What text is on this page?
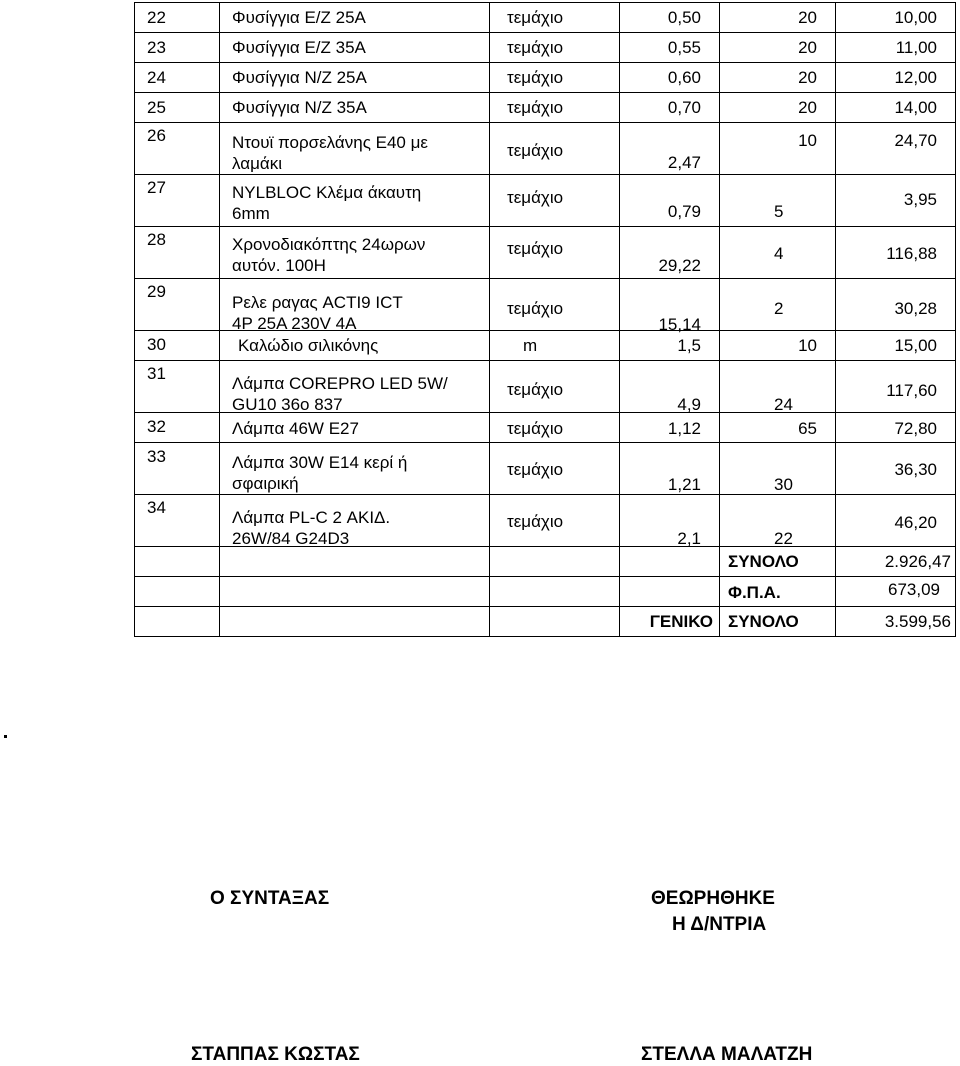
22	Φυσίγγια Ε/Ζ 25Α	τεμάχιο	0,50	20	10,00

23	Φυσίγγια Ε/Ζ 35Α	τεμάχιο	0,55	20	11,00

24	Φυσίγγια Ν/Ζ 25Α	τεμάχιο	0,60	20	12,00

25	Φυσίγγια Ν/Ζ 35Α	τεμάχιο	0,70	20	14,00

26	Ντουϊ πορσελάνης Ε40 με
λαμάκι	τεμάχιο	2,47	10	24,70

27	NYLBLOC Κλέμα άκαυτη
6mm	τεμάχιο	0,79	5	3,95

28	Χρονοδιακόπτης 24ωρων
αυτόν. 100Η	τεμάχιο	29,22	4	116,88

29	Ρελε ραγας ACTI9 ICT
4P 25A 230V 4A	τεμάχιο	15,14	2	30,28

30	Καλώδιο σιλικόνης	m	1,5	10	15,00

31	Λάμπα COREPRO LED 5W/
GU10 36o 837	τεμάχιο	4,9	24	117,60

32	Λάμπα 46W E27	τεμάχιο	1,12	65	72,80

33	Λάμπα 30W E14 κερί ή
σφαιρική	τεμάχιο	1,21	30	36,30

34	Λάμπα PL-C 2 ΑΚΙΔ.
26W/84 G24D3	τεμάχιο	2,1	22	46,20

				ΣΥΝΟΛΟ	2.926,47

				Φ.Π.Α.	673,09

			ΓΕΝΙΚΟ	ΣΥΝΟΛΟ	3.599,56
Ο ΣΥΝΤΑΞΑΣ	ΘΕΩΡΗΘΗΚΕ
Η Δ/ΝΤΡΙΑ
ΣΤΑΠΠΑΣ ΚΩΣΤΑΣ	ΣΤΕΛΛΑ ΜΑΛΑΤΖΗ
